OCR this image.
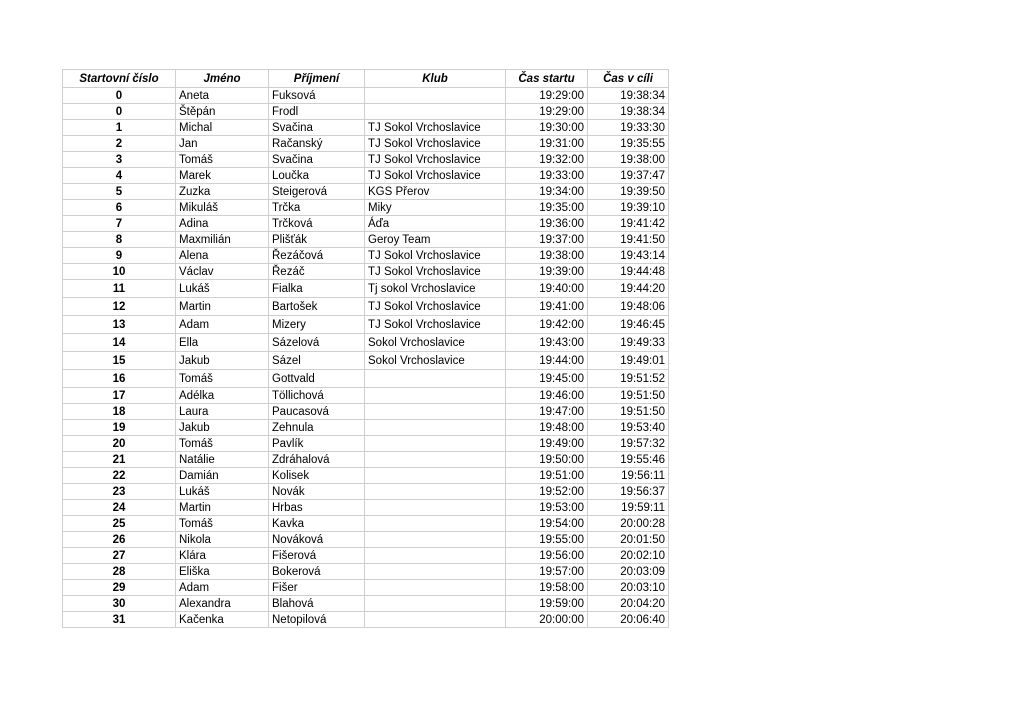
Startovní číslo	Jméno	Příjmení	Klub	Čas startu	Čas v cíli
0	Aneta	Fuksová		19:29:00	19:38:34
0	Štěpán	Frodl		19:29:00	19:38:34
1	Michal	Svačina	TJ Sokol Vrchoslavice	19:30:00	19:33:30
2	Jan	Račanský	TJ Sokol Vrchoslavice	19:31:00	19:35:55
3	Tomáš	Svačina	TJ Sokol Vrchoslavice	19:32:00	19:38:00
4	Marek	Loučka	TJ Sokol Vrchoslavice	19:33:00	19:37:47
5	Zuzka	Steigerová	KGS Přerov	19:34:00	19:39:50
6	Mikuláš	Trčka	Miky	19:35:00	19:39:10
7	Adina	Trčková	Áďa	19:36:00	19:41:42
8	Maxmilián	Plišťák	Geroy Team	19:37:00	19:41:50
9	Alena	Řezáčová	TJ Sokol Vrchoslavice	19:38:00	19:43:14
10	Václav	Řezáč	TJ Sokol Vrchoslavice	19:39:00	19:44:48
11	Lukáš	Fialka	Tj sokol Vrchoslavice	19:40:00	19:44:20
12	Martin	Bartošek	TJ Sokol Vrchoslavice	19:41:00	19:48:06
13	Adam	Mizery	TJ Sokol Vrchoslavice	19:42:00	19:46:45
14	Ella	Sázelová	Sokol Vrchoslavice	19:43:00	19:49:33
15	Jakub	Sázel	Sokol Vrchoslavice	19:44:00	19:49:01
16	Tomáš	Gottvald		19:45:00	19:51:52
17	Adélka	Töllichová		19:46:00	19:51:50
18	Laura	Paucasová		19:47:00	19:51:50
19	Jakub	Zehnula		19:48:00	19:53:40
20	Tomáš	Pavlík		19:49:00	19:57:32
21	Natálie	Zdráhalová		19:50:00	19:55:46
22	Damián	Kolisek		19:51:00	19:56:11
23	Lukáš	Novák		19:52:00	19:56:37
24	Martin	Hrbas		19:53:00	19:59:11
25	Tomáš	Kavka		19:54:00	20:00:28
26	Nikola	Nováková		19:55:00	20:01:50
27	Klára	Fišerová		19:56:00	20:02:10
28	Eliška	Bokerová		19:57:00	20:03:09
29	Adam	Fišer		19:58:00	20:03:10
30	Alexandra	Blahová		19:59:00	20:04:20
31	Kačenka	Netopilová		20:00:00	20:06:40
